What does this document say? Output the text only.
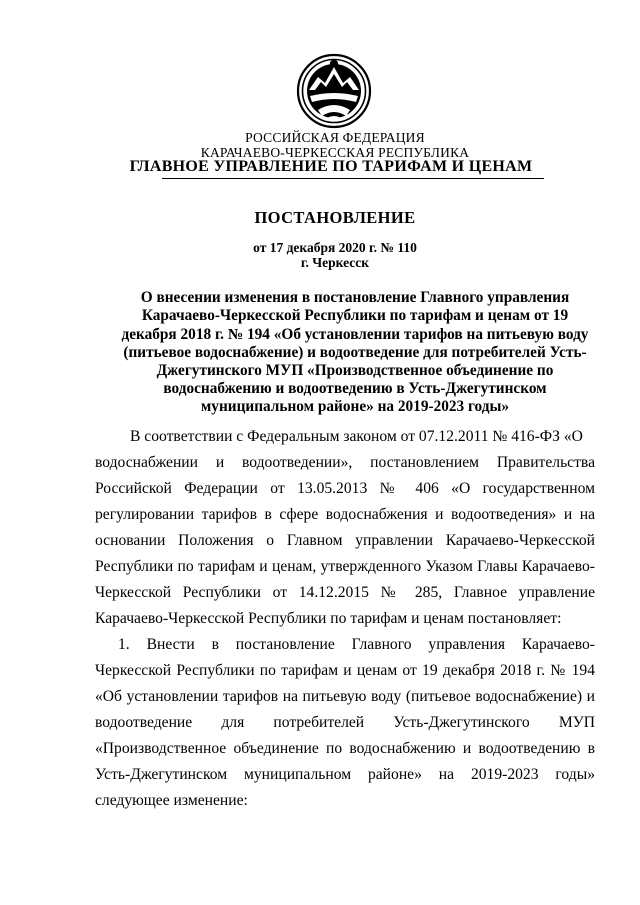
РОССИЙСКАЯ ФЕДЕРАЦИЯ
КАРАЧАЕВО-ЧЕРКЕССКАЯ РЕСПУБЛИКА
ГЛАВНОЕ УПРАВЛЕНИЕ ПО ТАРИФАМ И ЦЕНАМ
ПОСТАНОВЛЕНИЕ
от 17 декабря 2020 г. № 110
г. Черкесск
О внесении изменения в постановление Главного управления
Карачаево-Черкесской Республики по тарифам и ценам от 19
декабря 2018 г. № 194 «Об установлении тарифов на питьевую воду
(питьевое водоснабжение) и водоотведение для потребителей Усть-
Джегутинского МУП «Производственное объединение по
водоснабжению и водоотведению в Усть-Джегутинском
муниципальном районе» на 2019-2023 годы»
В соответствии с Федеральным законом от 07.12.2011 № 416-ФЗ «О
водоснабжении и водоотведении», постановлением Правительства
Российской Федерации от 13.05.2013 № 406 «О государственном
регулировании тарифов в сфере водоснабжения и водоотведения» и на
основании Положения о Главном управлении Карачаево-Черкесской
Республики по тарифам и ценам, утвержденного Указом Главы Карачаево-
Черкесской Республики от 14.12.2015 № 285, Главное управление
Карачаево-Черкесской Республики по тарифам и ценам постановляет:
1. Внести в постановление Главного управления Карачаево-
Черкесской Республики по тарифам и ценам от 19 декабря 2018 г. № 194
«Об установлении тарифов на питьевую воду (питьевое водоснабжение) и
водоотведение для потребителей Усть-Джегутинского МУП
«Производственное объединение по водоснабжению и водоотведению в
Усть-Джегутинском муниципальном районе» на 2019-2023 годы»
следующее изменение:
